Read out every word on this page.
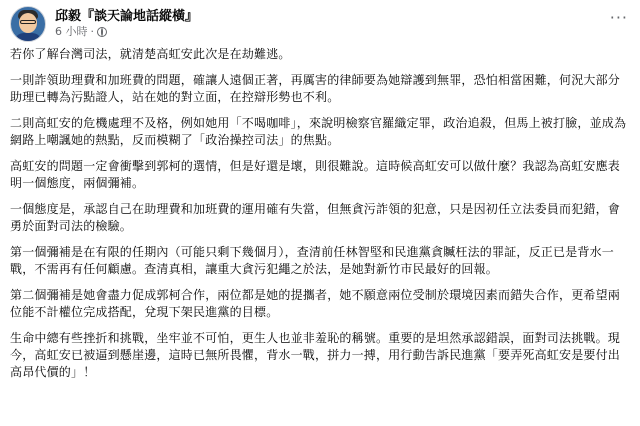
邱毅『談天論地話縱橫』
6 小時 ·
···

若你了解台灣司法，就清楚高虹安此次是在劫難逃。

一則詐領助理費和加班費的問題，確讓人遠個正著，再厲害的律師要為她辯護到無罪，恐怕相當困難，何況大部分助理已轉為污點證人，站在她的對立面，在控辯形勢也不利。

二則高虹安的危機處理不及格，例如她用「不喝咖啡」，來說明檢察官羅織定罪，政治追殺，但馬上被打臉，並成為網路上嘲諷她的熱點，反而模糊了「政治操控司法」的焦點。

高虹安的問題一定會衝擊到郭柯的選情，但是好還是壞，則很難說。這時候高虹安可以做什麼？我認為高虹安應表明一個態度，兩個彌補。

一個態度是，承認自己在助理費和加班費的運用確有失當，但無貪污詐領的犯意，只是因初任立法委員而犯錯，會勇於面對司法的檢驗。

第一個彌補是在有限的任期內（可能只剩下幾個月），查清前任林智堅和民進黨貪贓枉法的罪証，反正已是背水一戰，不需再有任何顧慮。查清真相，讓重大貪污犯繩之於法，是她對新竹市民最好的回報。

第二個彌補是她會盡力促成郭柯合作，兩位都是她的提攜者，她不願意兩位受制於環境因素而錯失合作，更希望兩位能不計權位完成搭配，兌現下架民進黨的目標。

生命中總有些挫折和挑戰，坐牢並不可怕，更生人也並非羞恥的稱號。重要的是坦然承認錯誤，面對司法挑戰。現今，高虹安已被逼到懸崖邊，這時已無所畏懼，背水一戰，拼力一搏，用行動告訴民進黨「要弄死高虹安是要付出高昂代價的」！
